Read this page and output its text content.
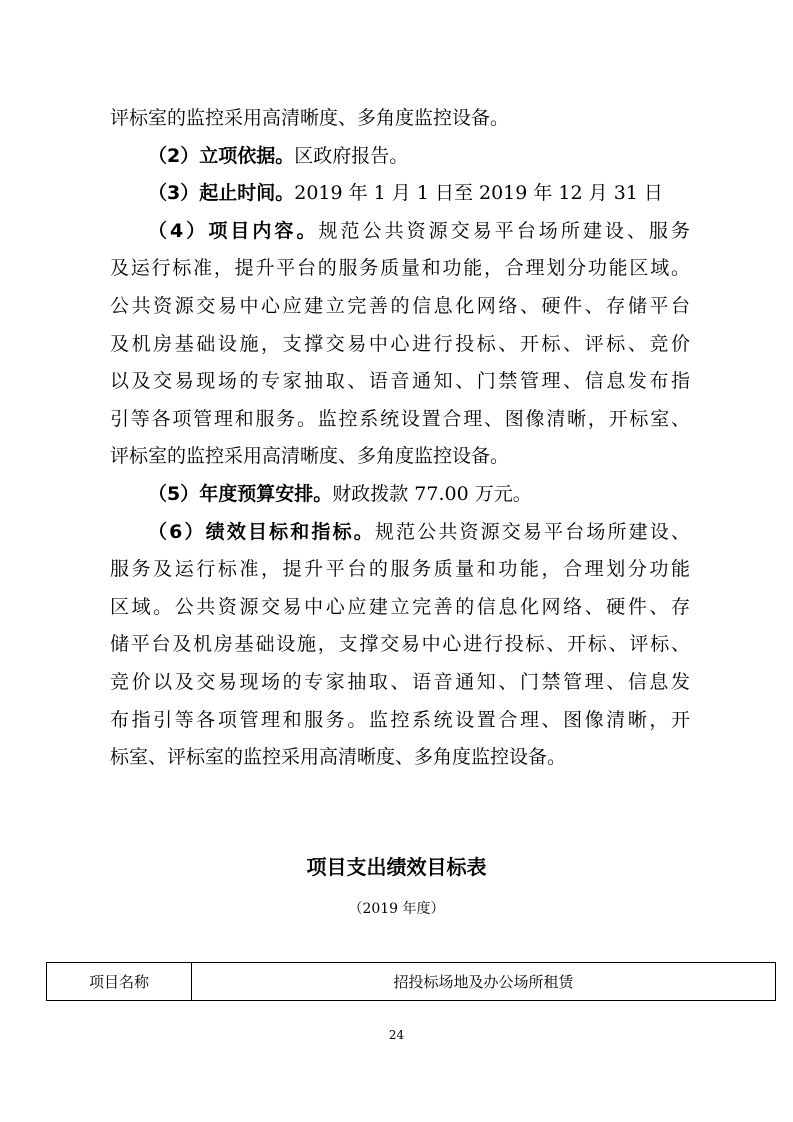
评标室的监控采用高清晰度、多角度监控设备。
（2）立项依据。区政府报告。
（3）起止时间。2019 年 1 月 1 日至 2019 年 12 月 31 日
（4）项目内容。规范公共资源交易平台场所建设、服务
及运行标准，提升平台的服务质量和功能，合理划分功能区域。
公共资源交易中心应建立完善的信息化网络、硬件、存储平台
及机房基础设施，支撑交易中心进行投标、开标、评标、竞价
以及交易现场的专家抽取、语音通知、门禁管理、信息发布指
引等各项管理和服务。监控系统设置合理、图像清晰，开标室、
评标室的监控采用高清晰度、多角度监控设备。
（5）年度预算安排。财政拨款 77.00 万元。
（6）绩效目标和指标。规范公共资源交易平台场所建设、
服务及运行标准，提升平台的服务质量和功能，合理划分功能
区域。公共资源交易中心应建立完善的信息化网络、硬件、存
储平台及机房基础设施，支撑交易中心进行投标、开标、评标、
竞价以及交易现场的专家抽取、语音通知、门禁管理、信息发
布指引等各项管理和服务。监控系统设置合理、图像清晰，开
标室、评标室的监控采用高清晰度、多角度监控设备。
项目支出绩效目标表
（2019 年度）
项目名称	招投标场地及办公场所租赁
24
